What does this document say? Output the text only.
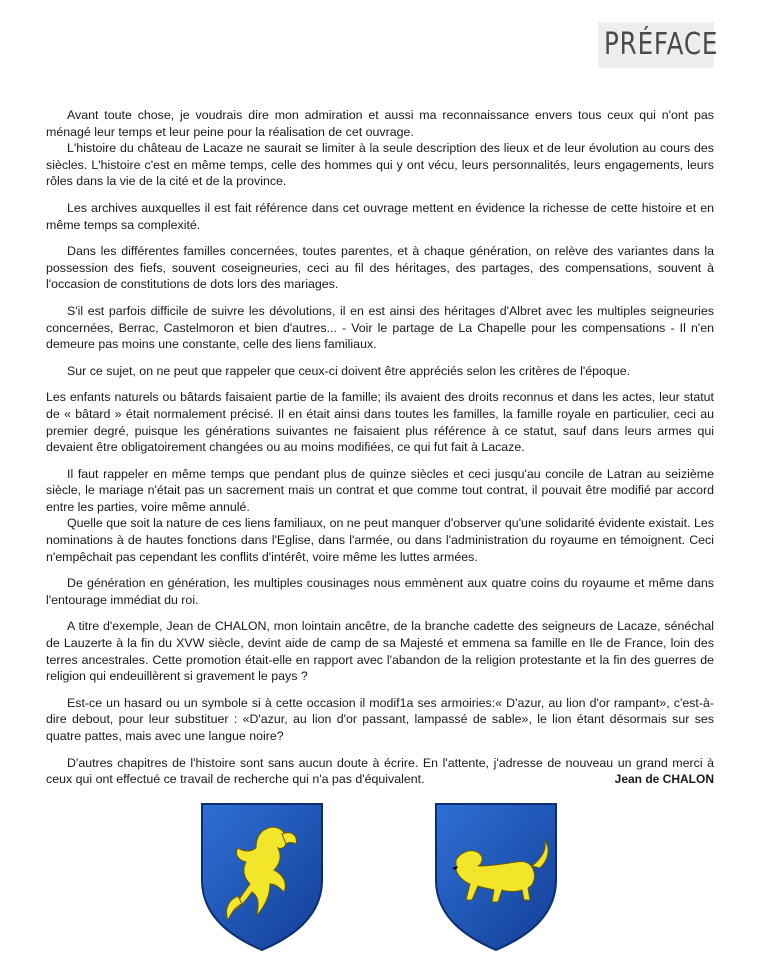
PRÉFACE

Avant toute chose, je voudrais dire mon admiration et aussi ma reconnaissance envers tous ceux qui n'ont pas ménagé leur temps et leur peine pour la réalisation de cet ouvrage.

L'histoire du château de Lacaze ne saurait se limiter à la seule description des lieux et de leur évolution au cours des siècles. L'histoire c'est en même temps, celle des hommes qui y ont vécu, leurs personnalités, leurs engagements, leurs rôles dans la vie de la cité et de la province.

Les archives auxquelles il est fait référence dans cet ouvrage mettent en évidence la richesse de cette histoire et en même temps sa complexité.

Dans les différentes familles concernées, toutes parentes, et à chaque génération, on relève des variantes dans la possession des fiefs, souvent coseigneuries, ceci au fil des héritages, des partages, des compensations, souvent à l'occasion de constitutions de dots lors des mariages.

S'il est parfois difficile de suivre les dévolutions, il en est ainsi des héritages d'Albret avec les multiples seigneuries concernées, Berrac, Castelmoron et bien d'autres... - Voir le partage de La Chapelle pour les compensations - Il n'en demeure pas moins une constante, celle des liens familiaux.

Sur ce sujet, on ne peut que rappeler que ceux-ci doivent être appréciés selon les critères de l'époque.

Les enfants naturels ou bâtards faisaient partie de la famille; ils avaient des droits reconnus et dans les actes, leur statut de « bâtard » était normalement précisé. Il en était ainsi dans toutes les familles, la famille royale en particulier, ceci au premier degré, puisque les générations suivantes ne faisaient plus référence à ce statut, sauf dans leurs armes qui devaient être obligatoirement changées ou au moins modifiées, ce qui fut fait à Lacaze.

Il faut rappeler en même temps que pendant plus de quinze siècles et ceci jusqu'au concile de Latran au seizième siècle, le mariage n'était pas un sacrement mais un contrat et que comme tout contrat, il pouvait être modifié par accord entre les parties, voire même annulé.

Quelle que soit la nature de ces liens familiaux, on ne peut manquer d'observer qu'une solidarité évidente existait. Les nominations à de hautes fonctions dans l'Eglise, dans l'armée, ou dans l'administration du royaume en témoignent. Ceci n'empêchait pas cependant les conflits d'intérêt, voire même les luttes armées.

De génération en génération, les multiples cousinages nous emmènent aux quatre coins du royaume et même dans l'entourage immédiat du roi.

A titre d'exemple, Jean de CHALON, mon lointain ancêtre, de la branche cadette des seigneurs de Lacaze, sénéchal de Lauzerte à la fin du XVW siècle, devint aide de camp de sa Majesté et emmena sa famille en Ile de France, loin des terres ancestrales. Cette promotion était-elle en rapport avec l'abandon de la religion protestante et la fin des guerres de religion qui endeuillèrent si gravement le pays ?

Est-ce un hasard ou un symbole si à cette occasion il modif1a ses armoiries:« D'azur, au lion d'or rampant», c'est-à-dire debout, pour leur substituer : «D'azur, au lion d'or passant, lampassé de sable», le lion étant désormais sur ses quatre pattes, mais avec une langue noire?

D'autres chapitres de l'histoire sont sans aucun doute à écrire. En l'attente, j'adresse de nouveau un grand merci à ceux qui ont effectué ce travail de recherche qui n'a pas d'équivalent.	Jean de CHALON
